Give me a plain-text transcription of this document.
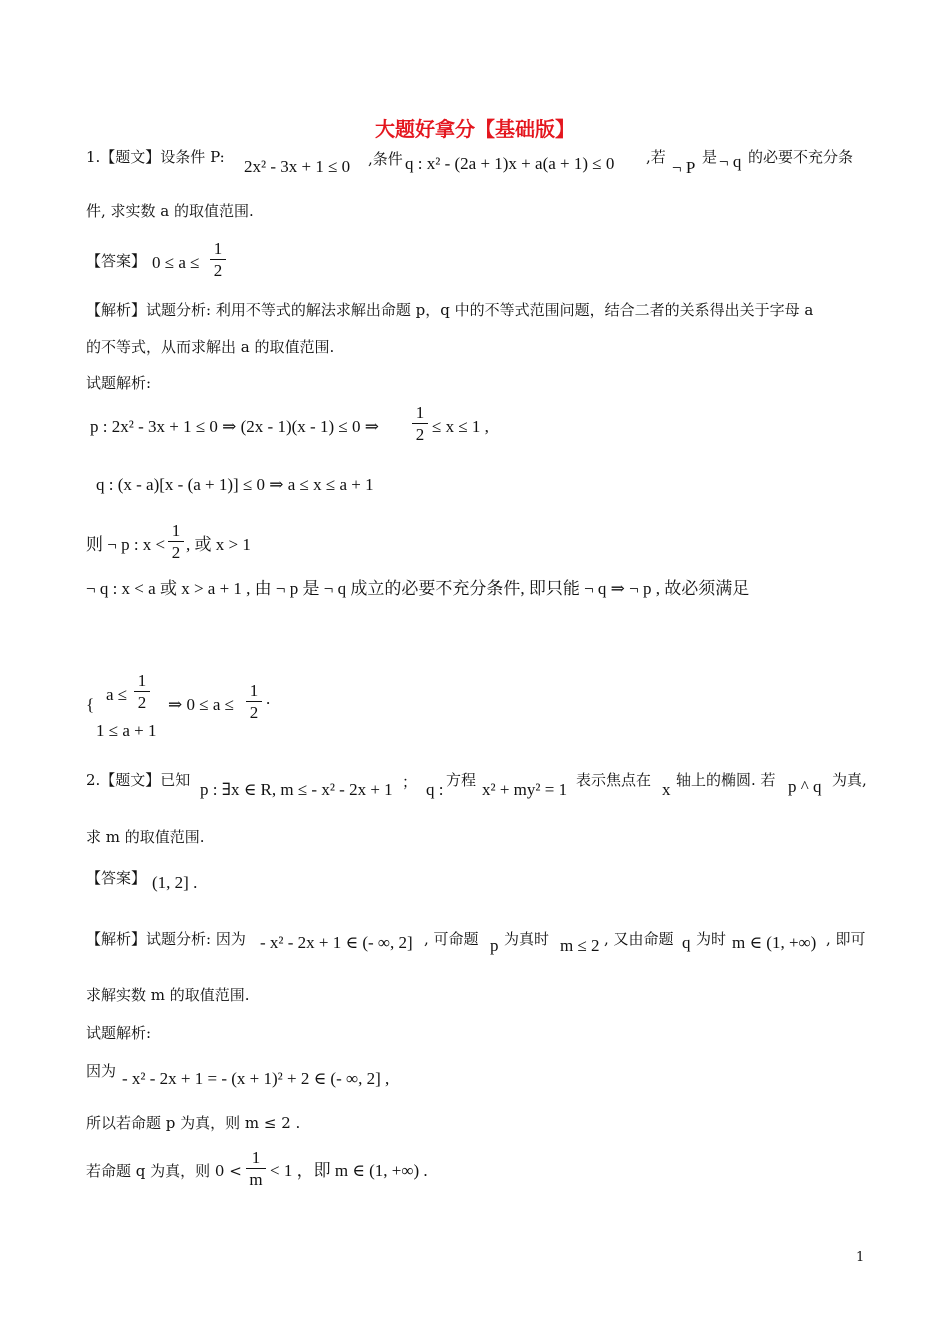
大题好拿分【基础版】
1.【题文】设条件 P: 2x² - 3x + 1 ≤ 0 ,条件 q : x² - (2a + 1)x + a(a + 1) ≤ 0 ,若
¬ P
是 ¬ q 的必要不充分条
件, 求实数 a 的取值范围.
【答案】 0 ≤ a ≤
1
2
【解析】试题分析: 利用不等式的解法求解出命题 p，q 中的不等式范围问题，结合二者的关系得出关于字母 a
的不等式，从而求解出 a 的取值范围.
试题解析:
p : 2x² - 3x + 1 ≤ 0 ⇒ (2x - 1)(x - 1) ≤ 0 ⇒
1
2 ≤ x ≤ 1 ,
q : (x - a)[x - (a + 1)] ≤ 0 ⇒ a ≤ x ≤ a + 1
则 ¬ p : x <
1
2 , 或 x > 1
¬ q : x < a 或 x > a + 1 , 由 ¬ p 是 ¬ q 成立的必要不充分条件, 即只能 ¬ q ⇒ ¬ p , 故必须满足
{
a ≤
1
2
1 ≤ a + 1
⇒ 0 ≤ a ≤
1
2
.
2.【题文】已知 p : ∃x ∈ R, m ≤ - x² - 2x + 1 ； q : 方程 x² + my² = 1 表示焦点在 x 轴上的椭圆. 若 p ^ q 为真,
求 m 的取值范围.
【答案】 (1, 2] .
【解析】试题分析: 因为 - x² - 2x + 1 ∈ (- ∞, 2] , 可命题 p 为真时 m ≤ 2 , 又由命题 q 为时 m ∈ (1, +∞) , 即可
求解实数 m 的取值范围.
试题解析:
因为 - x² - 2x + 1 = - (x + 1)² + 2 ∈ (- ∞, 2] ,
所以若命题 p 为真，则 m ≤ 2 .
若命题 q 为真，则 0 <
1
m < 1 ，即 m ∈ (1, +∞) .
1
